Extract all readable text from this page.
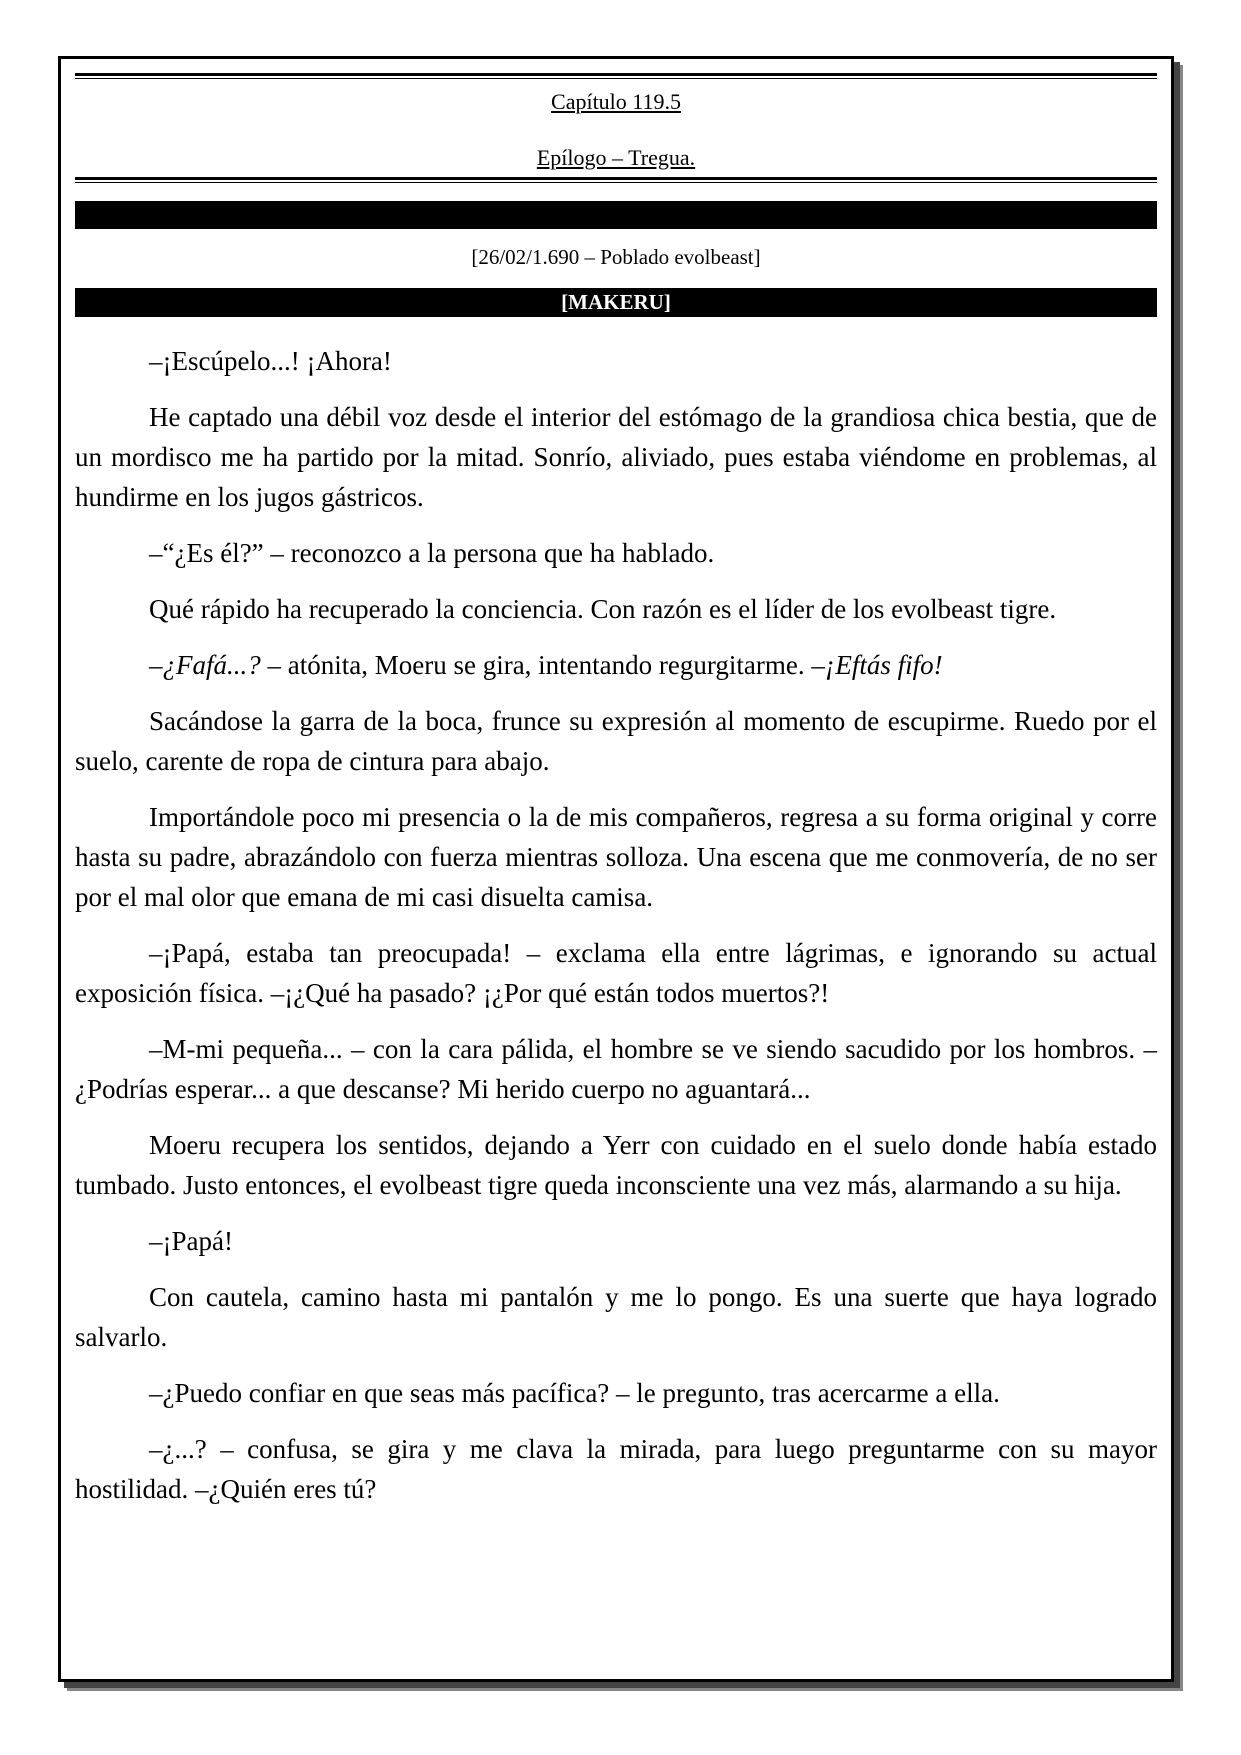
Capítulo 119.5
Epílogo – Tregua.
[26/02/1.690 – Poblado evolbeast]
[MAKERU]

–¡Escúpelo...! ¡Ahora!

He captado una débil voz desde el interior del estómago de la grandiosa chica bestia, que de un mordisco me ha partido por la mitad. Sonrío, aliviado, pues estaba viéndome en problemas, al hundirme en los jugos gástricos.

–“¿Es él?” – reconozco a la persona que ha hablado.

Qué rápido ha recuperado la conciencia. Con razón es el líder de los evolbeast tigre.

–¿Fafá...? – atónita, Moeru se gira, intentando regurgitarme. –¡Eftás fifo!

Sacándose la garra de la boca, frunce su expresión al momento de escupirme. Ruedo por el suelo, carente de ropa de cintura para abajo.

Importándole poco mi presencia o la de mis compañeros, regresa a su forma original y corre hasta su padre, abrazándolo con fuerza mientras solloza. Una escena que me conmovería, de no ser por el mal olor que emana de mi casi disuelta camisa.

–¡Papá, estaba tan preocupada! – exclama ella entre lágrimas, e ignorando su actual exposición física. –¡¿Qué ha pasado? ¡¿Por qué están todos muertos?!

–M-mi pequeña... – con la cara pálida, el hombre se ve siendo sacudido por los hombros. –¿Podrías esperar... a que descanse? Mi herido cuerpo no aguantará...

Moeru recupera los sentidos, dejando a Yerr con cuidado en el suelo donde había estado tumbado. Justo entonces, el evolbeast tigre queda inconsciente una vez más, alarmando a su hija.

–¡Papá!

Con cautela, camino hasta mi pantalón y me lo pongo. Es una suerte que haya logrado salvarlo.

–¿Puedo confiar en que seas más pacífica? – le pregunto, tras acercarme a ella.

–¿...? – confusa, se gira y me clava la mirada, para luego preguntarme con su mayor hostilidad. –¿Quién eres tú?
